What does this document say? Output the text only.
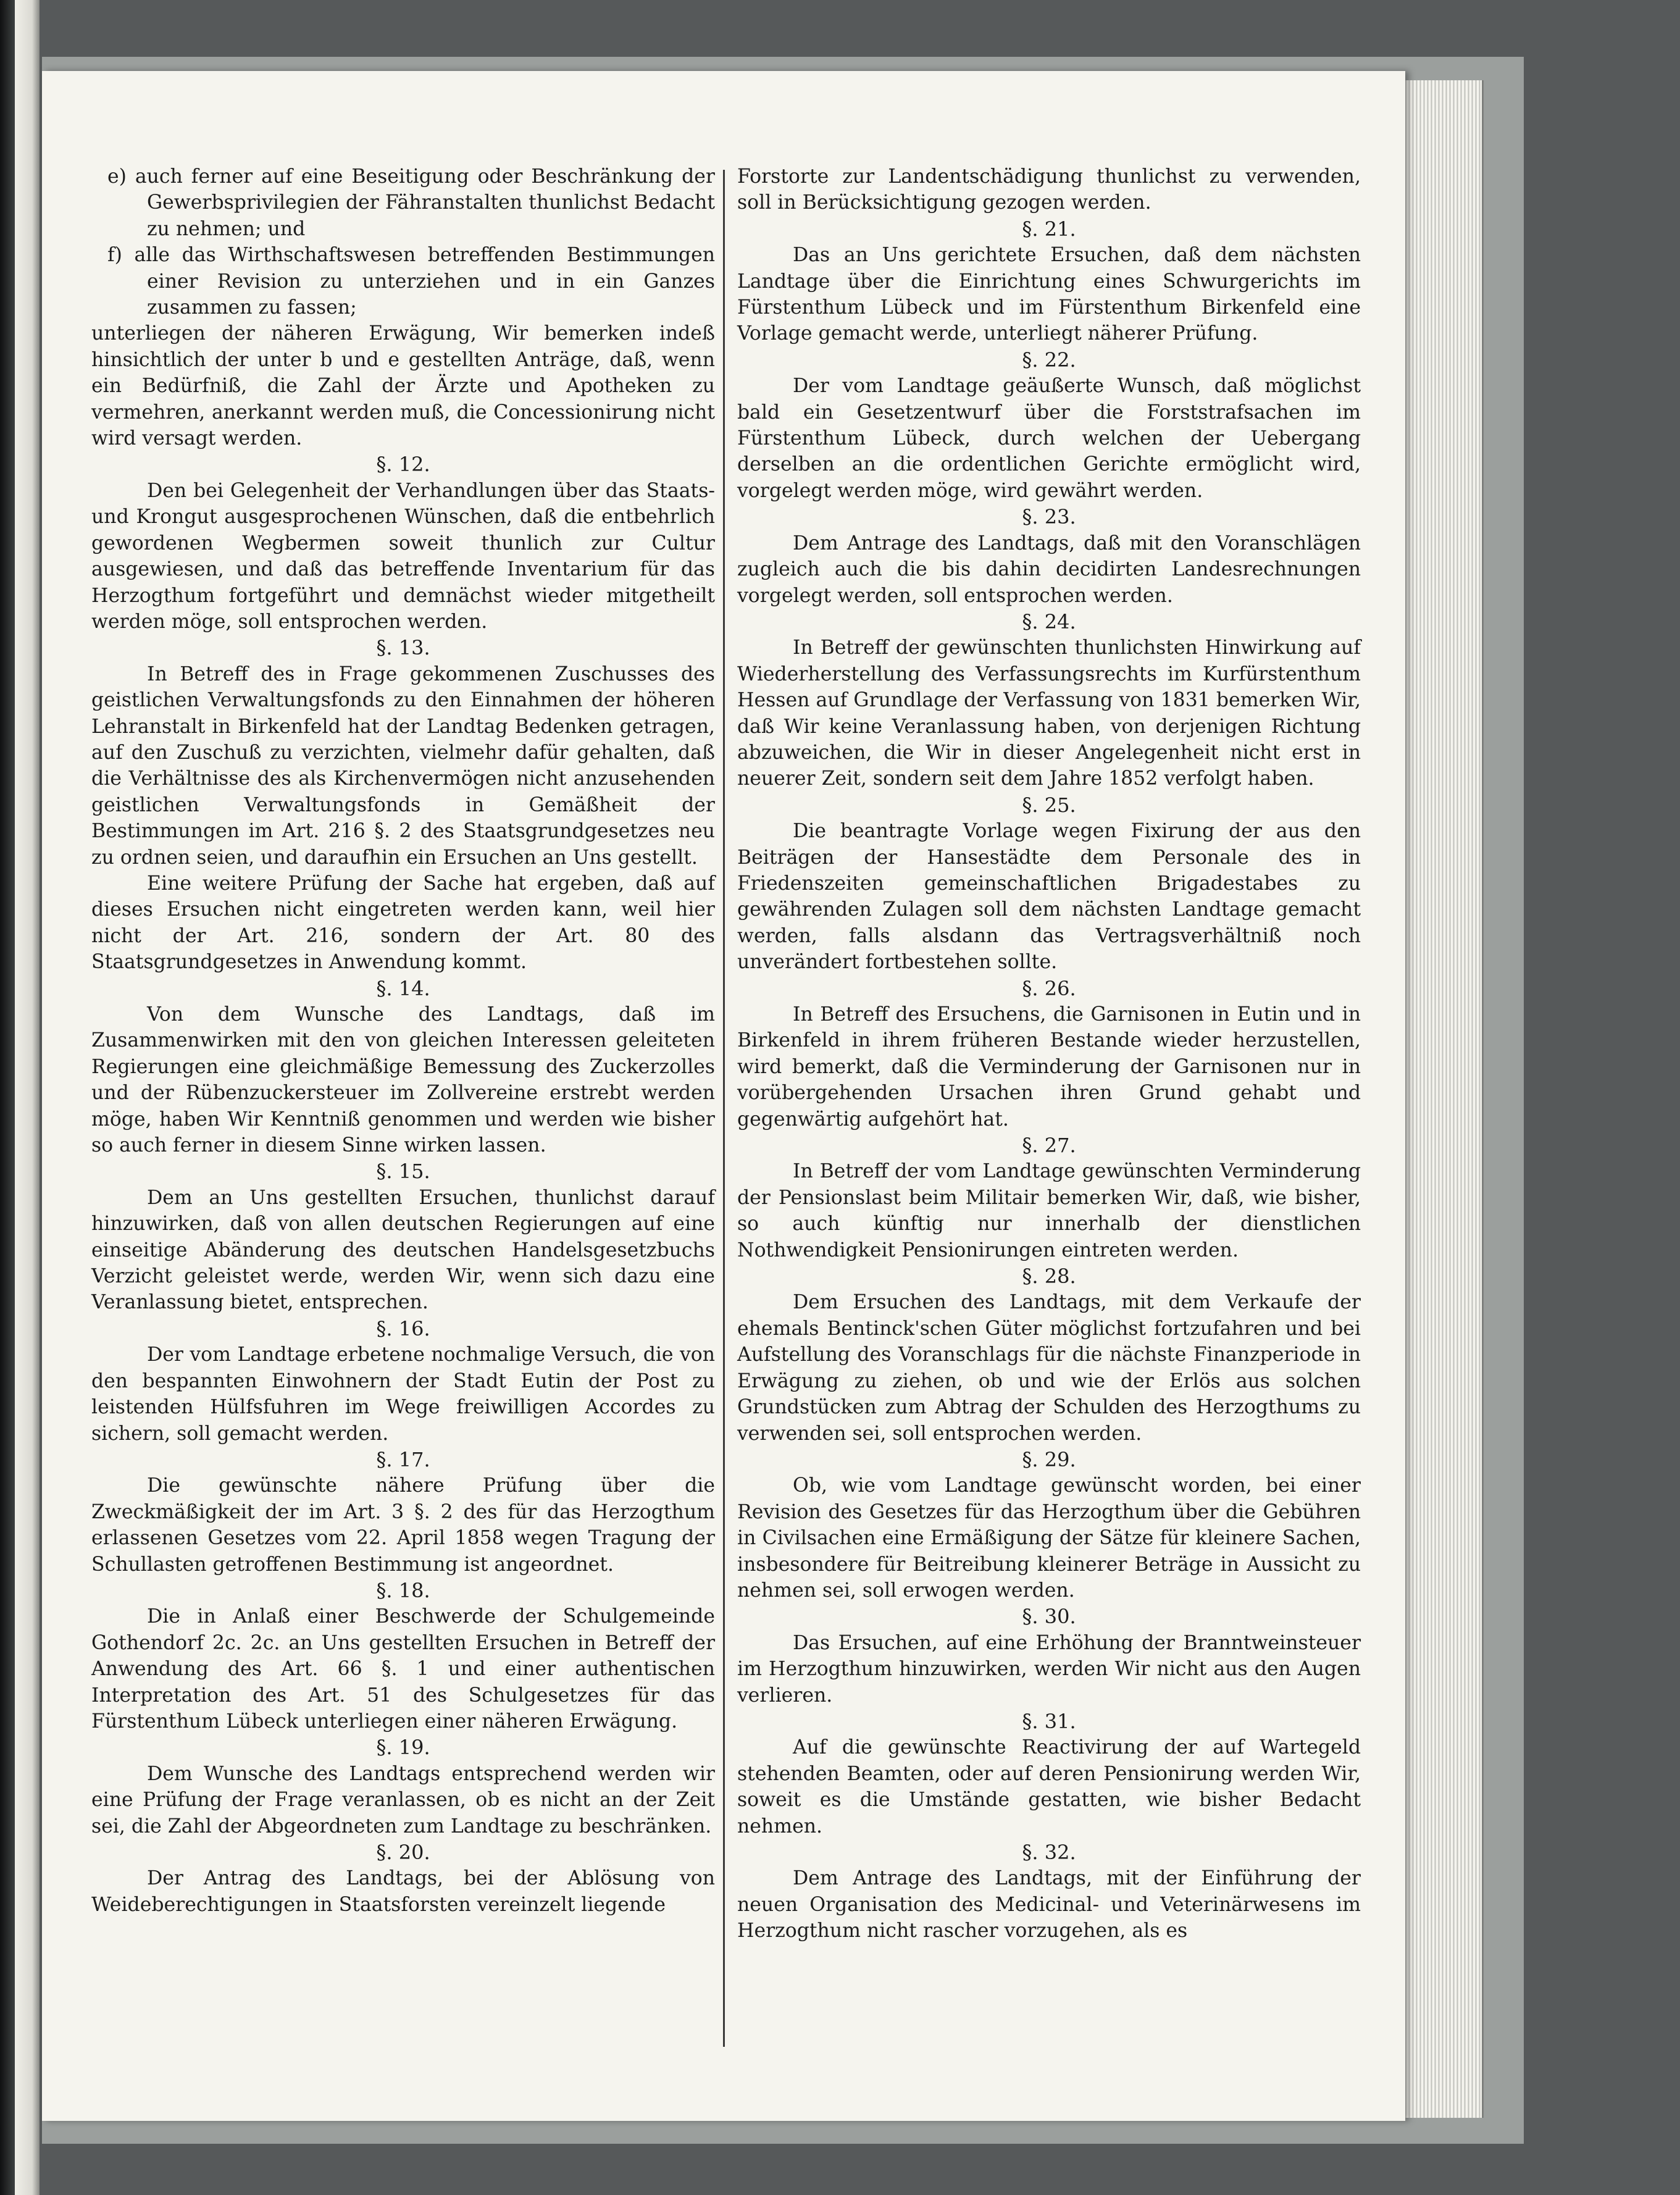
e) auch ferner auf eine Beseitigung oder Beschränkung der Gewerbsprivilegien der Fähranstalten thunlichst Bedacht zu nehmen; und

f) alle das Wirthschaftswesen betreffenden Bestimmungen einer Revision zu unterziehen und in ein Ganzes zusammen zu fassen;

unterliegen der näheren Erwägung, Wir bemerken indeß hinsichtlich der unter b und e gestellten Anträge, daß, wenn ein Bedürfniß, die Zahl der Ärzte und Apotheken zu vermehren, anerkannt werden muß, die Concessionirung nicht wird versagt werden.

§. 12.

Den bei Gelegenheit der Verhandlungen über das Staats- und Krongut ausgesprochenen Wünschen, daß die entbehrlich gewordenen Wegbermen soweit thunlich zur Cultur ausgewiesen, und daß das betreffende Inventarium für das Herzogthum fortgeführt und demnächst wieder mitgetheilt werden möge, soll entsprochen werden.

§. 13.

In Betreff des in Frage gekommenen Zuschusses des geistlichen Verwaltungsfonds zu den Einnahmen der höheren Lehranstalt in Birkenfeld hat der Landtag Bedenken getragen, auf den Zuschuß zu verzichten, vielmehr dafür gehalten, daß die Verhältnisse des als Kirchenvermögen nicht anzusehenden geistlichen Verwaltungsfonds in Gemäßheit der Bestimmungen im Art. 216 §. 2 des Staatsgrundgesetzes neu zu ordnen seien, und daraufhin ein Ersuchen an Uns gestellt.

Eine weitere Prüfung der Sache hat ergeben, daß auf dieses Ersuchen nicht eingetreten werden kann, weil hier nicht der Art. 216, sondern der Art. 80 des Staatsgrundgesetzes in Anwendung kommt.

§. 14.

Von dem Wunsche des Landtags, daß im Zusammenwirken mit den von gleichen Interessen geleiteten Regierungen eine gleichmäßige Bemessung des Zuckerzolles und der Rübenzuckersteuer im Zollvereine erstrebt werden möge, haben Wir Kenntniß genommen und werden wie bisher so auch ferner in diesem Sinne wirken lassen.

§. 15.

Dem an Uns gestellten Ersuchen, thunlichst darauf hinzuwirken, daß von allen deutschen Regierungen auf eine einseitige Abänderung des deutschen Handelsgesetzbuchs Verzicht geleistet werde, werden Wir, wenn sich dazu eine Veranlassung bietet, entsprechen.

§. 16.

Der vom Landtage erbetene nochmalige Versuch, die von den bespannten Einwohnern der Stadt Eutin der Post zu leistenden Hülfsfuhren im Wege freiwilligen Accordes zu sichern, soll gemacht werden.

§. 17.

Die gewünschte nähere Prüfung über die Zweckmäßigkeit der im Art. 3 §. 2 des für das Herzogthum erlassenen Gesetzes vom 22. April 1858 wegen Tragung der Schullasten getroffenen Bestimmung ist angeordnet.

§. 18.

Die in Anlaß einer Beschwerde der Schulgemeinde Gothendorf 2c. 2c. an Uns gestellten Ersuchen in Betreff der Anwendung des Art. 66 §. 1 und einer authentischen Interpretation des Art. 51 des Schulgesetzes für das Fürstenthum Lübeck unterliegen einer näheren Erwägung.

§. 19.

Dem Wunsche des Landtags entsprechend werden wir eine Prüfung der Frage veranlassen, ob es nicht an der Zeit sei, die Zahl der Abgeordneten zum Landtage zu beschränken.

§. 20.

Der Antrag des Landtags, bei der Ablösung von Weideberechtigungen in Staatsforsten vereinzelt liegende

Forstorte zur Landentschädigung thunlichst zu verwenden, soll in Berücksichtigung gezogen werden.

§. 21.

Das an Uns gerichtete Ersuchen, daß dem nächsten Landtage über die Einrichtung eines Schwurgerichts im Fürstenthum Lübeck und im Fürstenthum Birkenfeld eine Vorlage gemacht werde, unterliegt näherer Prüfung.

§. 22.

Der vom Landtage geäußerte Wunsch, daß möglichst bald ein Gesetzentwurf über die Forststrafsachen im Fürstenthum Lübeck, durch welchen der Uebergang derselben an die ordentlichen Gerichte ermöglicht wird, vorgelegt werden möge, wird gewährt werden.

§. 23.

Dem Antrage des Landtags, daß mit den Voranschlägen zugleich auch die bis dahin decidirten Landesrechnungen vorgelegt werden, soll entsprochen werden.

§. 24.

In Betreff der gewünschten thunlichsten Hinwirkung auf Wiederherstellung des Verfassungsrechts im Kurfürstenthum Hessen auf Grundlage der Verfassung von 1831 bemerken Wir, daß Wir keine Veranlassung haben, von derjenigen Richtung abzuweichen, die Wir in dieser Angelegenheit nicht erst in neuerer Zeit, sondern seit dem Jahre 1852 verfolgt haben.

§. 25.

Die beantragte Vorlage wegen Fixirung der aus den Beiträgen der Hansestädte dem Personale des in Friedenszeiten gemeinschaftlichen Brigadestabes zu gewährenden Zulagen soll dem nächsten Landtage gemacht werden, falls alsdann das Vertragsverhältniß noch unverändert fortbestehen sollte.

§. 26.

In Betreff des Ersuchens, die Garnisonen in Eutin und in Birkenfeld in ihrem früheren Bestande wieder herzustellen, wird bemerkt, daß die Verminderung der Garnisonen nur in vorübergehenden Ursachen ihren Grund gehabt und gegenwärtig aufgehört hat.

§. 27.

In Betreff der vom Landtage gewünschten Verminderung der Pensionslast beim Militair bemerken Wir, daß, wie bisher, so auch künftig nur innerhalb der dienstlichen Nothwendigkeit Pensionirungen eintreten werden.

§. 28.

Dem Ersuchen des Landtags, mit dem Verkaufe der ehemals Bentinck'schen Güter möglichst fortzufahren und bei Aufstellung des Voranschlags für die nächste Finanzperiode in Erwägung zu ziehen, ob und wie der Erlös aus solchen Grundstücken zum Abtrag der Schulden des Herzogthums zu verwenden sei, soll entsprochen werden.

§. 29.

Ob, wie vom Landtage gewünscht worden, bei einer Revision des Gesetzes für das Herzogthum über die Gebühren in Civilsachen eine Ermäßigung der Sätze für kleinere Sachen, insbesondere für Beitreibung kleinerer Beträge in Aussicht zu nehmen sei, soll erwogen werden.

§. 30.

Das Ersuchen, auf eine Erhöhung der Branntweinsteuer im Herzogthum hinzuwirken, werden Wir nicht aus den Augen verlieren.

§. 31.

Auf die gewünschte Reactivirung der auf Wartegeld stehenden Beamten, oder auf deren Pensionirung werden Wir, soweit es die Umstände gestatten, wie bisher Bedacht nehmen.

§. 32.

Dem Antrage des Landtags, mit der Einführung der neuen Organisation des Medicinal- und Veterinärwesens im Herzogthum nicht rascher vorzugehen, als es
